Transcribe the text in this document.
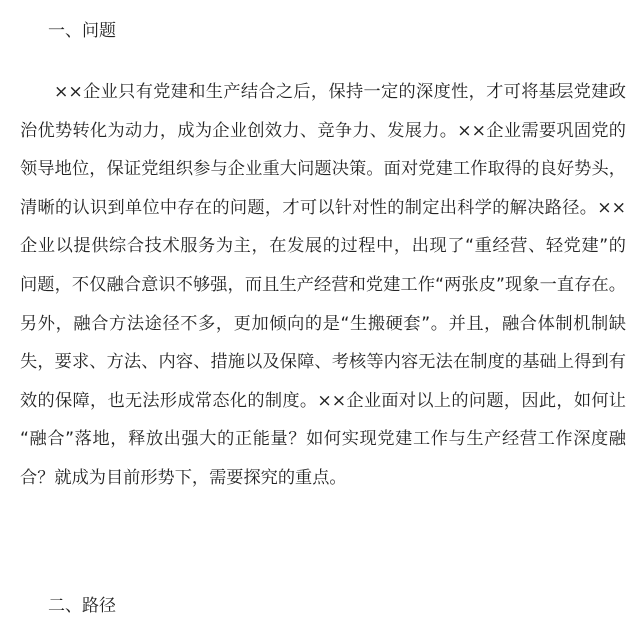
一、问题
××企业只有党建和生产结合之后，保持一定的深度性，才可将基层党建政
治优势转化为动力，成为企业创效力、竞争力、发展力。××企业需要巩固党的
领导地位，保证党组织参与企业重大问题决策。面对党建工作取得的良好势头，
清晰的认识到单位中存在的问题，才可以针对性的制定出科学的解决路径。××
企业以提供综合技术服务为主，在发展的过程中，出现了“重经营、轻党建”的
问题，不仅融合意识不够强，而且生产经营和党建工作“两张皮”现象一直存在。
另外，融合方法途径不多，更加倾向的是“生搬硬套”。并且，融合体制机制缺
失，要求、方法、内容、措施以及保障、考核等内容无法在制度的基础上得到有
效的保障，也无法形成常态化的制度。××企业面对以上的问题，因此，如何让
“融合”落地，释放出强大的正能量？如何实现党建工作与生产经营工作深度融
合？就成为目前形势下，需要探究的重点。
二、路径
